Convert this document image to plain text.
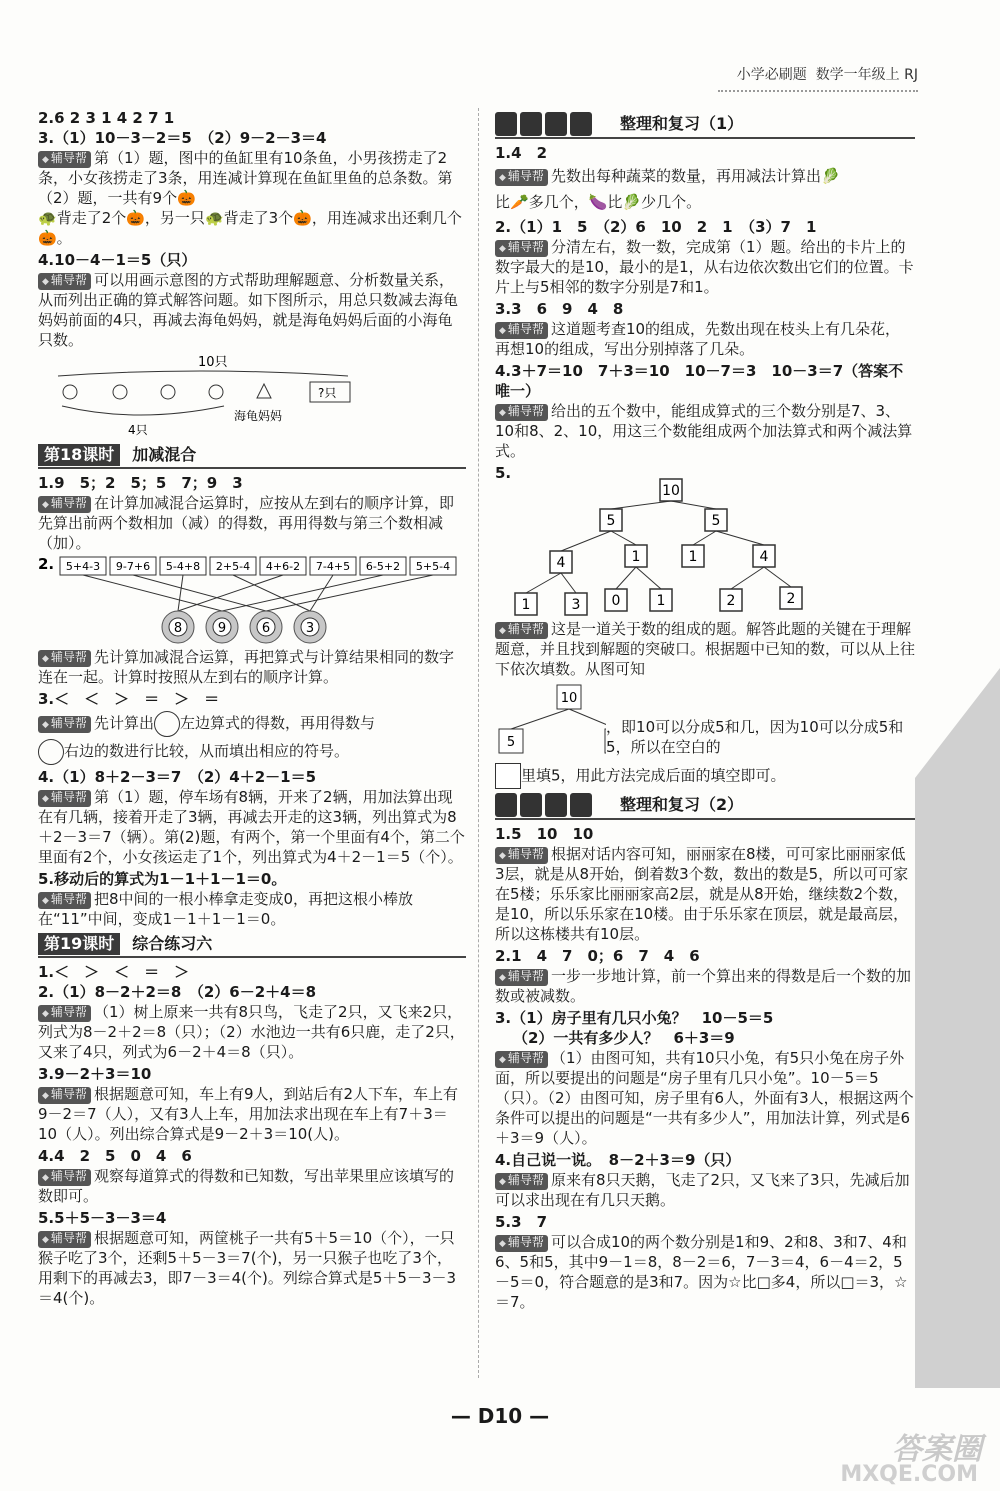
小学必刷题 数学一年级上 RJ

2.6 2 3 1 4 2 7 1

3.（1）10－3－2＝5　（2）9－2－3＝4

◆ 辅导帮 第（1）题，图中的鱼缸里有10条鱼，小男孩捞走了2条，小女孩捞走了3条，用连减计算现在鱼缸里鱼的总条数。第（2）题，一共有9个🎃
🐢背走了2个🎃，另一只🐢背走了3个🎃，用连减求出还剩几个🎃。

4.10－4－1＝5（只）

◆ 辅导帮 可以用画示意图的方式帮助理解题意、分析数量关系，从而列出正确的算式解答问题。如下图所示，用总只数减去海龟妈妈前面的4只，再减去海龟妈妈，就是海龟妈妈后面的小海龟只数。

10只
?只
4只
海龟妈妈
第18课时	加减混合

1.9　5；2　5；5　7；9　3

◆ 辅导帮 在计算加减混合运算时，应按从左到右的顺序计算，即先算出前两个数相加（减）的得数，再用得数与第三个数相减（加）。

2. 5+4-3 9-7+6 5-4+8 2+5-4 4+6-2 7-4+5 6-5+2 5+5-4
8	9	6	3

◆ 辅导帮 先计算加减混合运算，再把算式与计算结果相同的数字连在一起。计算时按照从左到右的顺序计算。

3.＜　＜　＞　＝　＞　＝

◆ 辅导帮 先计算出 左边算式的得数，再用得数与
右边的数进行比较，从而填出相应的符号。

4.（1）8＋2－3＝7　（2）4＋2－1＝5

◆ 辅导帮 第（1）题，停车场有8辆，开来了2辆，用加法算出现在有几辆，接着开走了3辆，再减去开走的这3辆，列出算式为8＋2－3＝7（辆）。第(2)题，有两个，第一个里面有4个，第二个里面有2个，小女孩运走了1个，列出算式为4＋2－1＝5（个）。

5.移动后的算式为1－1＋1－1＝0。

◆ 辅导帮 把8中间的一根小棒拿走变成0，再把这根小棒放在“11”中间，变成1－1＋1－1＝0。

第19课时	综合练习六

1.＜　＞　＜　＝　＞

2.（1）8－2＋2＝8　（2）6－2＋4＝8

◆ 辅导帮 （1）树上原来一共有8只鸟，飞走了2只，又飞来2只，列式为8－2＋2＝8（只）；（2）水池边一共有6只鹿，走了2只，又来了4只，列式为6－2＋4＝8（只）。

3.9－2＋3＝10

◆ 辅导帮 根据题意可知，车上有9人，到站后有2人下车，车上有9－2＝7（人），又有3人上车，用加法求出现在车上有7＋3＝10（人）。列出综合算式是9－2＋3＝10(人)。

4.4　2　5　0　4　6

◆ 辅导帮 观察每道算式的得数和已知数，写出苹果里应该填写的数即可。

5.5＋5－3－3＝4

◆ 辅导帮 根据题意可知，两筐桃子一共有5＋5＝10（个），一只猴子吃了3个，还剩5＋5－3＝7(个)，另一只猴子也吃了3个，用剩下的再减去3，即7－3＝4(个)。列综合算式是5＋5－3－3＝4(个)。

整理和复习（1）

1.4　2

◆ 辅导帮 先数出每种蔬菜的数量，再用减法计算出🥬
比🥕多几个，🍆比🥬少几个。

2.（1）1　5　（2）6　10　2　1　（3）7　1

◆ 辅导帮 分清左右，数一数，完成第（1）题。给出的卡片上的数字最大的是10，最小的是1，从右边依次数出它们的位置。卡片上与5相邻的数字分别是7和1。

3.3　6　9　4　8

◆ 辅导帮 这道题考查10的组成，先数出现在枝头上有几朵花，再想10的组成，写出分别掉落了几朵。

4.3＋7＝10　7＋3＝10　10－7＝3　10－3＝7（答案不唯一）

◆ 辅导帮 给出的五个数中，能组成算式的三个数分别是7、3、10和8、2、10，用这三个数能组成两个加法算式和两个减法算式。

5.

10
5	5
4	1	1	4
1	3 0	1	2	2

◆ 辅导帮 这是一道关于数的组成的题。解答此题的关键在于理解题意，并且找到解题的突破口。根据题中已知的数，可以从上往下依次填数。从图可知

10
5
，即10可以分成5和几，因为10可以分成5和5，所以在空白的

里填5，用此方法完成后面的填空即可。

整理和复习（2）

1.5　10　10

◆ 辅导帮 根据对话内容可知，丽丽家在8楼，可可家比丽丽家低3层，就是从8开始，倒着数3个数，数出的数是5，所以可可家在5楼；乐乐家比丽丽家高2层，就是从8开始，继续数2个数，是10，所以乐乐家在10楼。由于乐乐家在顶层，就是最高层，所以这栋楼共有10层。

2.1　4　7　0；6　7　4　6

◆ 辅导帮 一步一步地计算，前一个算出来的得数是后一个数的加数或被减数。

3.（1）房子里有几只小兔？　10－5＝5

（2）一共有多少人？　6＋3＝9

◆ 辅导帮 （1）由图可知，共有10只小兔，有5只小兔在房子外面，所以要提出的问题是“房子里有几只小兔”。10－5＝5（只）。（2）由图可知，房子里有6人，外面有3人，根据这两个条件可以提出的问题是“一共有多少人”，用加法计算，列式是6＋3＝9（人）。

4.自己说一说。　8－2＋3＝9（只）

◆ 辅导帮 原来有8只天鹅，飞走了2只，又飞来了3只，先减后加可以求出现在有几只天鹅。

5.3　7

◆ 辅导帮 可以合成10的两个数分别是1和9、2和8、3和7、4和6、5和5，其中9－1＝8，8－2＝6，7－3＝4，6－4＝2，5－5＝0，符合题意的是3和7。因为☆比□多4，所以□＝3，☆＝7。

— D10 —
答案圈
MXQE.COM
